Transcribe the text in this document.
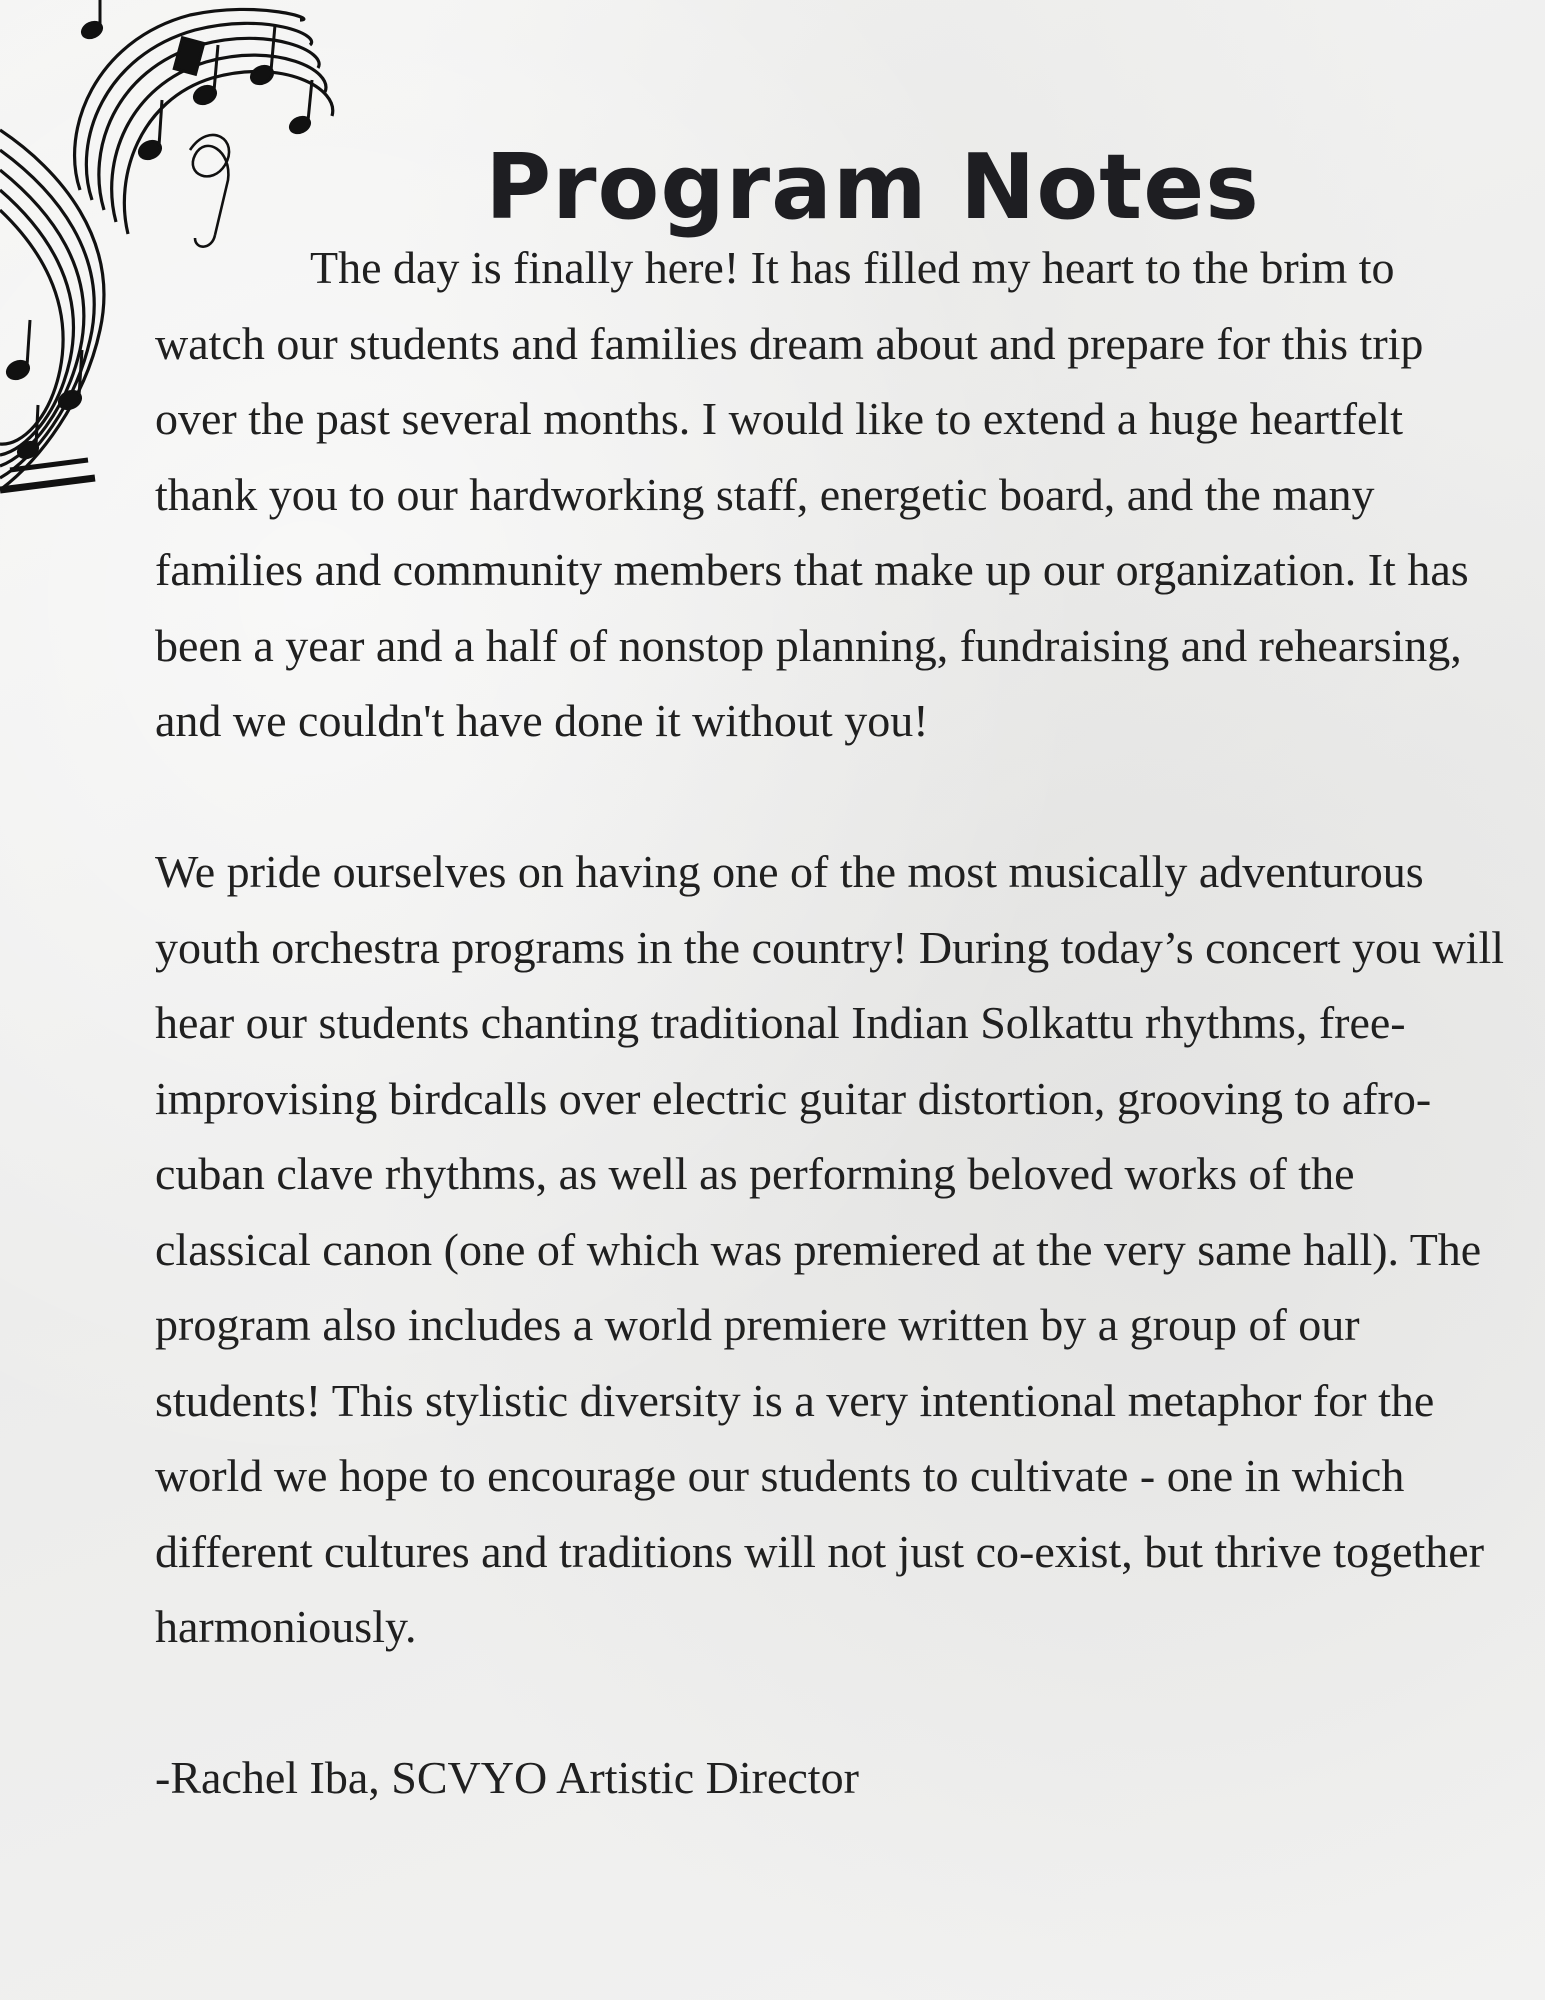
Program Notes

The day is finally here! It has filled my heart to the brim to watch our students and families dream about and prepare for this trip over the past several months. I would like to extend a huge heartfelt thank you to our hardworking staff, energetic board, and the many families and community members that make up our organization. It has been a year and a half of nonstop planning, fundraising and rehearsing, and we couldn't have done it without you!

We pride ourselves on having one of the most musically adventurous youth orchestra programs in the country! During today’s concert you will hear our students chanting traditional Indian Solkattu rhythms, free-improvising birdcalls over electric guitar distortion, grooving to afro-cuban clave rhythms, as well as performing beloved works of the classical canon (one of which was premiered at the very same hall). The program also includes a world premiere written by a group of our students! This stylistic diversity is a very intentional metaphor for the world we hope to encourage our students to cultivate - one in which different cultures and traditions will not just co-exist, but thrive together harmoniously.

-Rachel Iba, SCVYO Artistic Director
